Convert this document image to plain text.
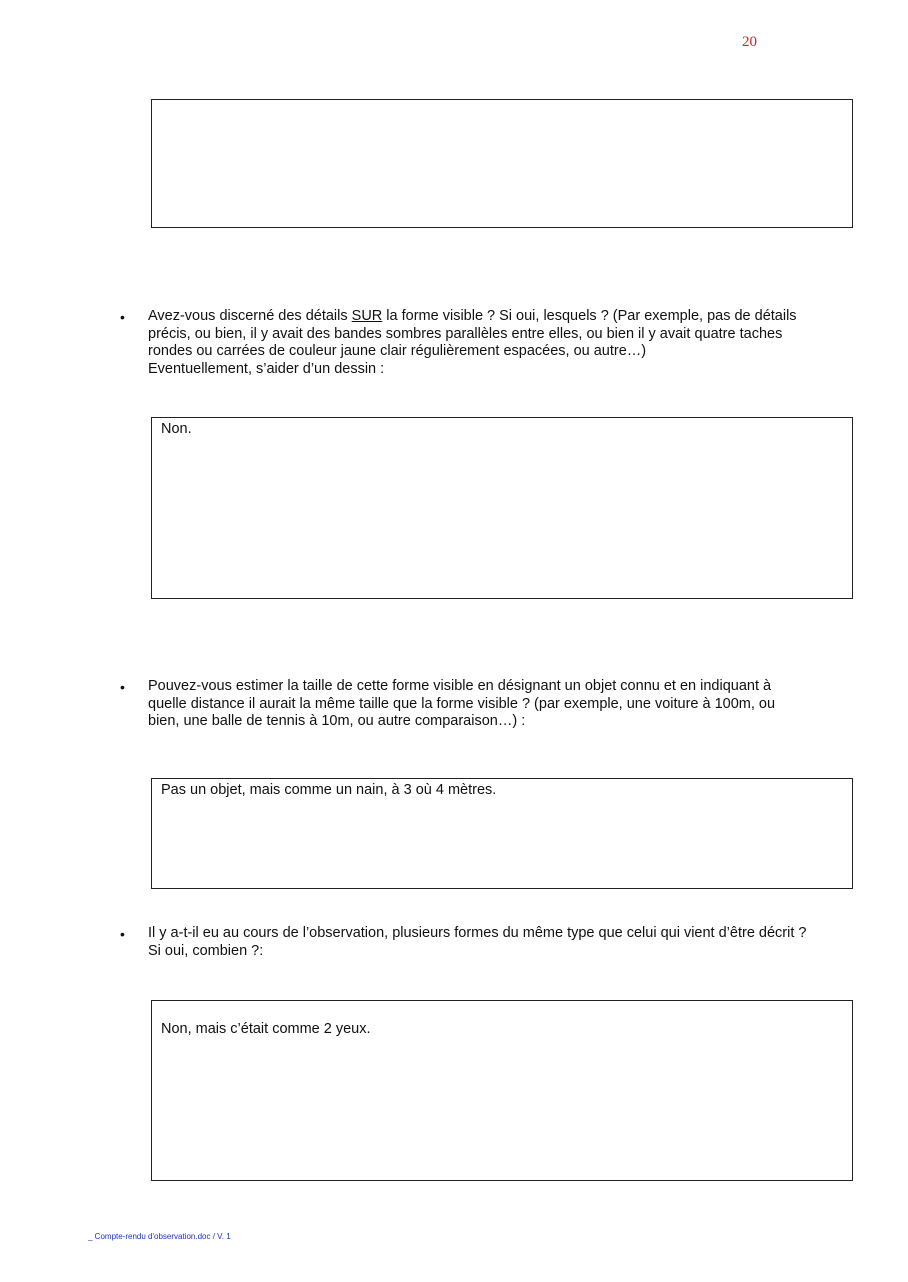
20
•	Avez-vous discerné des détails SUR la forme visible ? Si oui, lesquels ? (Par exemple, pas de détails
précis, ou bien, il y avait des bandes sombres parallèles entre elles, ou bien il y avait quatre taches
rondes ou carrées de couleur jaune clair régulièrement espacées, ou autre…)
Eventuellement, s’aider d’un dessin :
Non.
•	Pouvez-vous estimer la taille de cette forme visible en désignant un objet connu et en indiquant à
quelle distance il aurait la même taille que la forme visible ? (par exemple, une voiture à 100m, ou
bien, une balle de tennis à 10m, ou autre comparaison…) :
Pas un objet, mais comme un nain, à 3 où 4 mètres.
•	Il y a-t-il eu au cours de l’observation, plusieurs formes du même type que celui qui vient d’être décrit ?
Si oui, combien ?:
Non, mais c’était comme 2 yeux.
_ Compte-rendu d'observation.doc / V. 1
